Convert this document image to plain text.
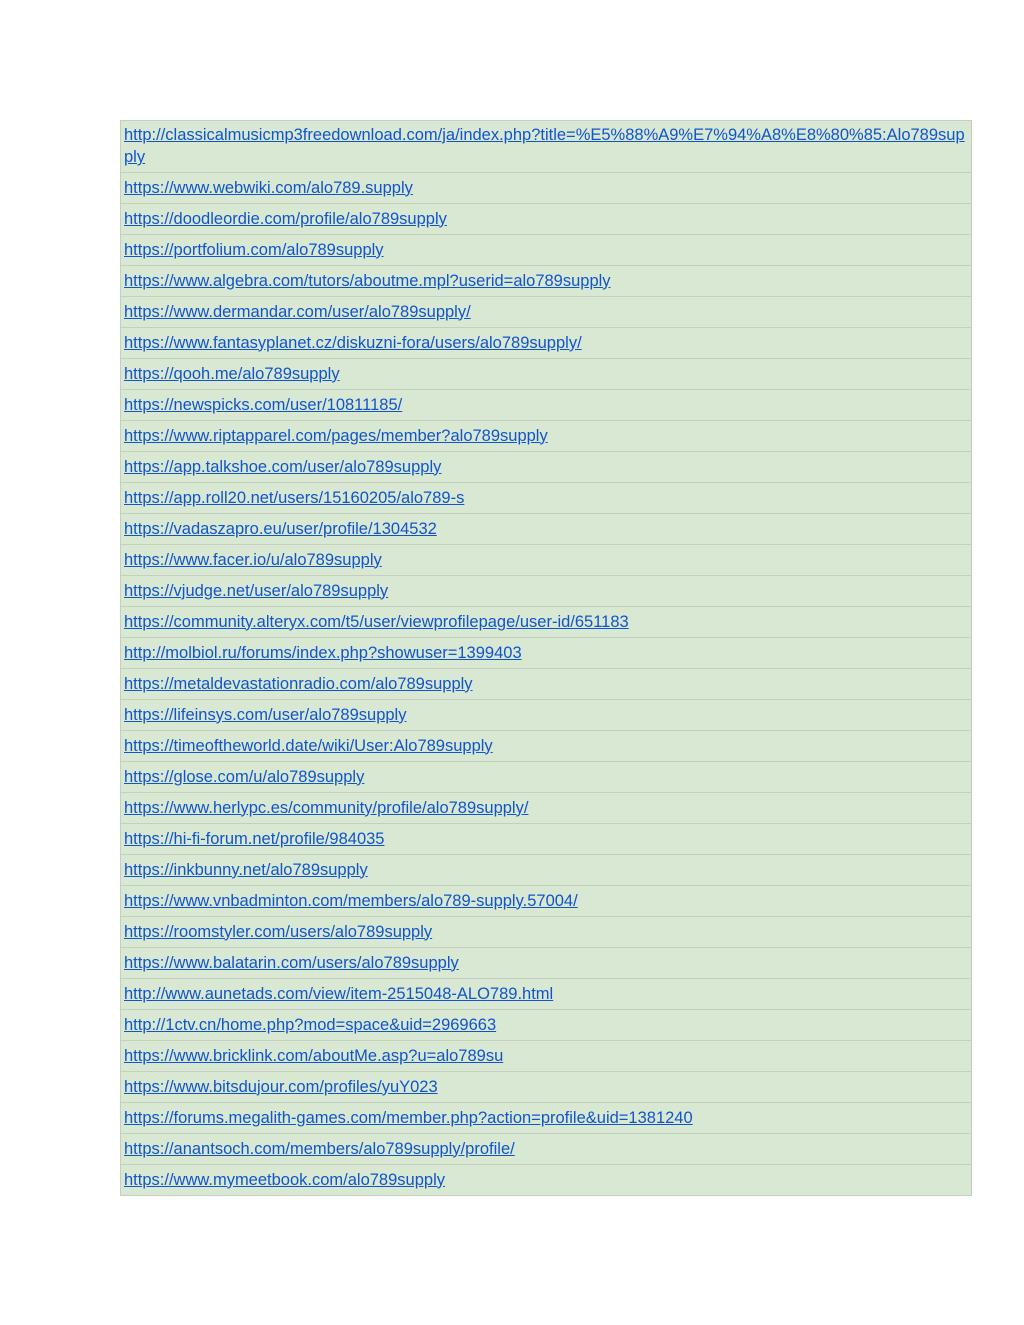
http://classicalmusicmp3freedownload.com/ja/index.php?title=%E5%88%A9%E7%94%A8%E8%80%85:Alo789supply
https://www.webwiki.com/alo789.supply
https://doodleordie.com/profile/alo789supply
https://portfolium.com/alo789supply
https://www.algebra.com/tutors/aboutme.mpl?userid=alo789supply
https://www.dermandar.com/user/alo789supply/
https://www.fantasyplanet.cz/diskuzni-fora/users/alo789supply/
https://qooh.me/alo789supply
https://newspicks.com/user/10811185/
https://www.riptapparel.com/pages/member?alo789supply
https://app.talkshoe.com/user/alo789supply
https://app.roll20.net/users/15160205/alo789-s
https://vadaszapro.eu/user/profile/1304532
https://www.facer.io/u/alo789supply
https://vjudge.net/user/alo789supply
https://community.alteryx.com/t5/user/viewprofilepage/user-id/651183
http://molbiol.ru/forums/index.php?showuser=1399403
https://metaldevastationradio.com/alo789supply
https://lifeinsys.com/user/alo789supply
https://timeoftheworld.date/wiki/User:Alo789supply
https://glose.com/u/alo789supply
https://www.herlypc.es/community/profile/alo789supply/
https://hi-fi-forum.net/profile/984035
https://inkbunny.net/alo789supply
https://www.vnbadminton.com/members/alo789-supply.57004/
https://roomstyler.com/users/alo789supply
https://www.balatarin.com/users/alo789supply
http://www.aunetads.com/view/item-2515048-ALO789.html
http://1ctv.cn/home.php?mod=space&uid=2969663
https://www.bricklink.com/aboutMe.asp?u=alo789su
https://www.bitsdujour.com/profiles/yuY023
https://forums.megalith-games.com/member.php?action=profile&uid=1381240
https://anantsoch.com/members/alo789supply/profile/
https://www.mymeetbook.com/alo789supply
